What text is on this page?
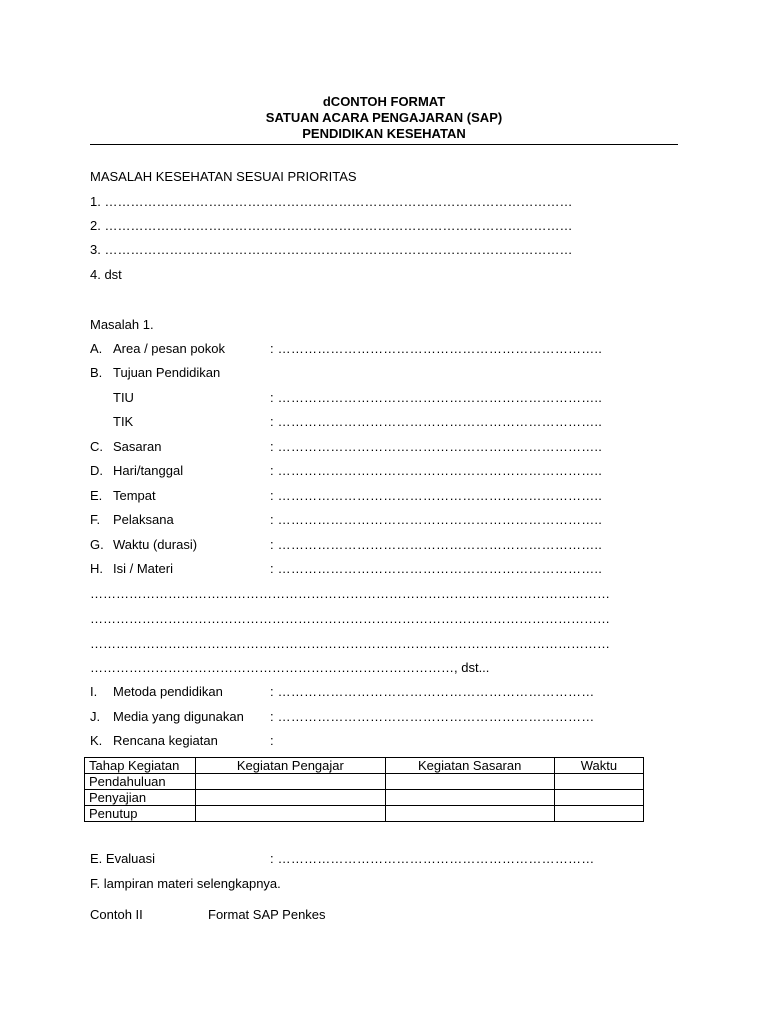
dCONTOH FORMAT
SATUAN ACARA PENGAJARAN (SAP)
PENDIDIKAN KESEHATAN
MASALAH KESEHATAN SESUAI PRIORITAS
1. ………………………………………………………………………………………………
2. ………………………………………………………………………………………………
3. ………………………………………………………………………………………………
4. dst
Masalah 1.
A. Area / pesan pokok	: ………………………………………………………………..
B. Tujuan Pendidikan
TIU	: ………………………………………………………………..
TIK	: ………………………………………………………………..
C. Sasaran	: ………………………………………………………………..
D. Hari/tanggal	: ………………………………………………………………..
E. Tempat	: ………………………………………………………………..
F. Pelaksana	: ………………………………………………………………..
G. Waktu (durasi)	: ………………………………………………………………..
H. Isi / Materi	: ………………………………………………………………..
…………………………………………………………………………………………………………
…………………………………………………………………………………………………………
…………………………………………………………………………………………………………
…………………………………………………………………………, dst...
I.	Metoda pendidikan	: ………………………………………………………………
J. Media yang digunakan : ………………………………………………………………
K. Rencana kegiatan	:
Tahap Kegiatan	Kegiatan Pengajar	Kegiatan Sasaran	Waktu
Pendahuluan			
Penyajian			
Penutup			
E. Evaluasi	: ………………………………………………………………
F. lampiran materi selengkapnya.
Contoh II	Format SAP Penkes
